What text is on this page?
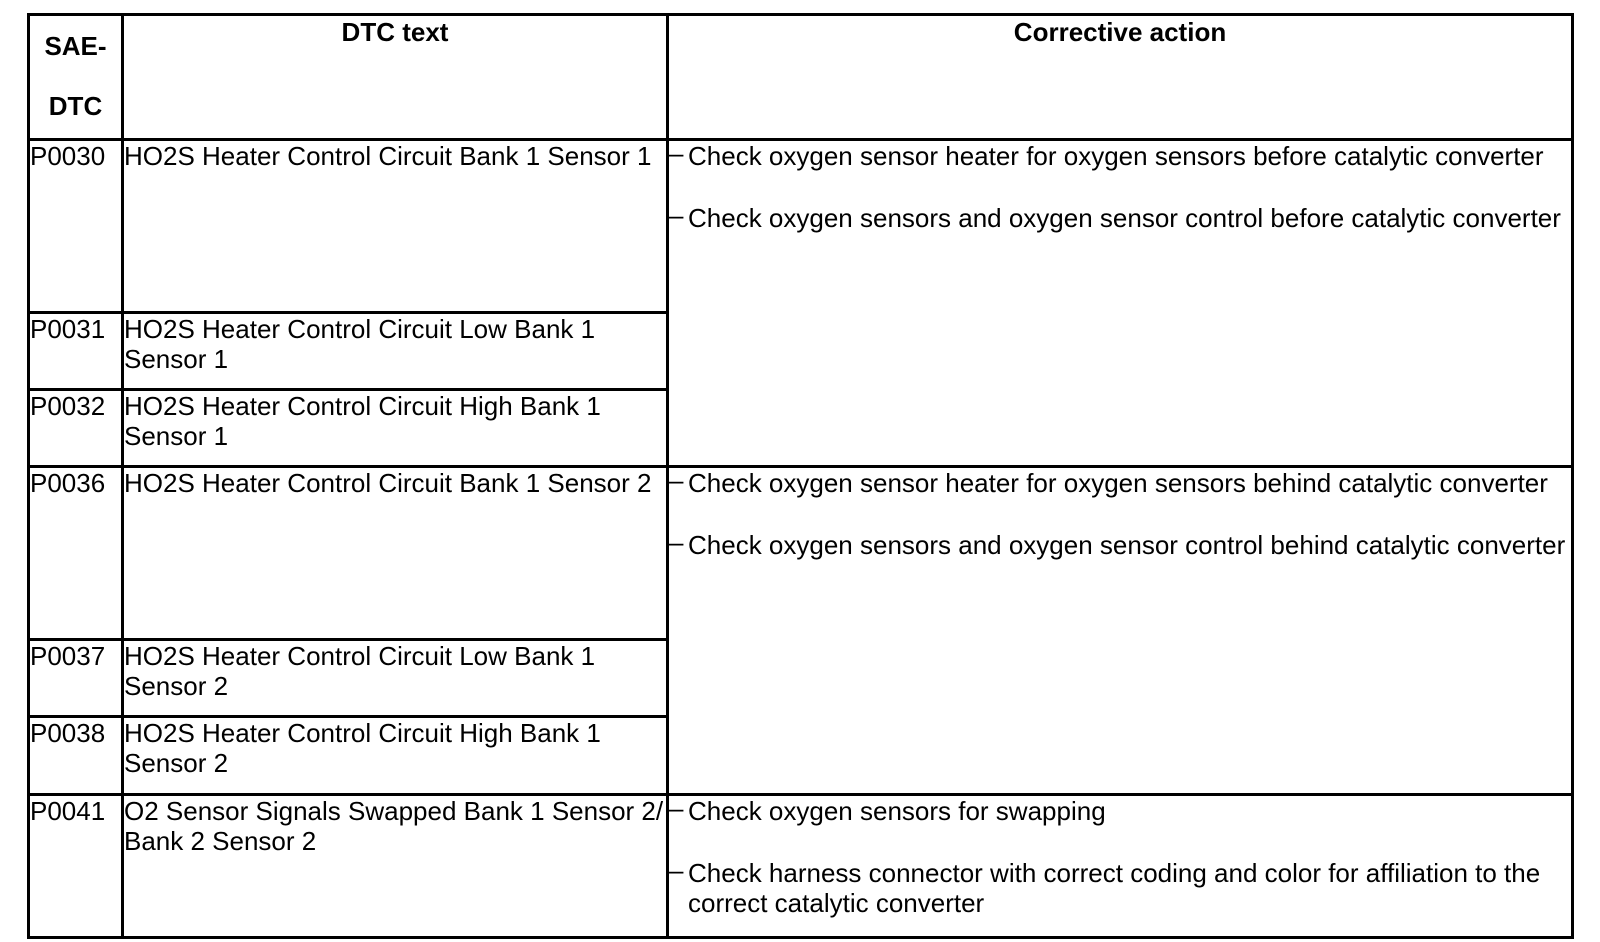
SAE-
DTC	DTC text	Corrective action
P0030	HO2S Heater Control Circuit Bank 1 Sensor 1	– Check oxygen sensor heater for oxygen sensors before catalytic converter
– Check oxygen sensors and oxygen sensor control before catalytic converter

P0031	HO2S Heater Control Circuit Low Bank 1 Sensor 1	
P0032	HO2S Heater Control Circuit High Bank 1 Sensor 1	
P0036	HO2S Heater Control Circuit Bank 1 Sensor 2	– Check oxygen sensor heater for oxygen sensors behind catalytic converter
– Check oxygen sensors and oxygen sensor control behind catalytic converter

P0037	HO2S Heater Control Circuit Low Bank 1 Sensor 2	
P0038	HO2S Heater Control Circuit High Bank 1 Sensor 2	
P0041	O2 Sensor Signals Swapped Bank 1 Sensor 2/ Bank 2 Sensor 2	– Check oxygen sensors for swapping
– Check harness connector with correct coding and color for affiliation to the correct catalytic converter
